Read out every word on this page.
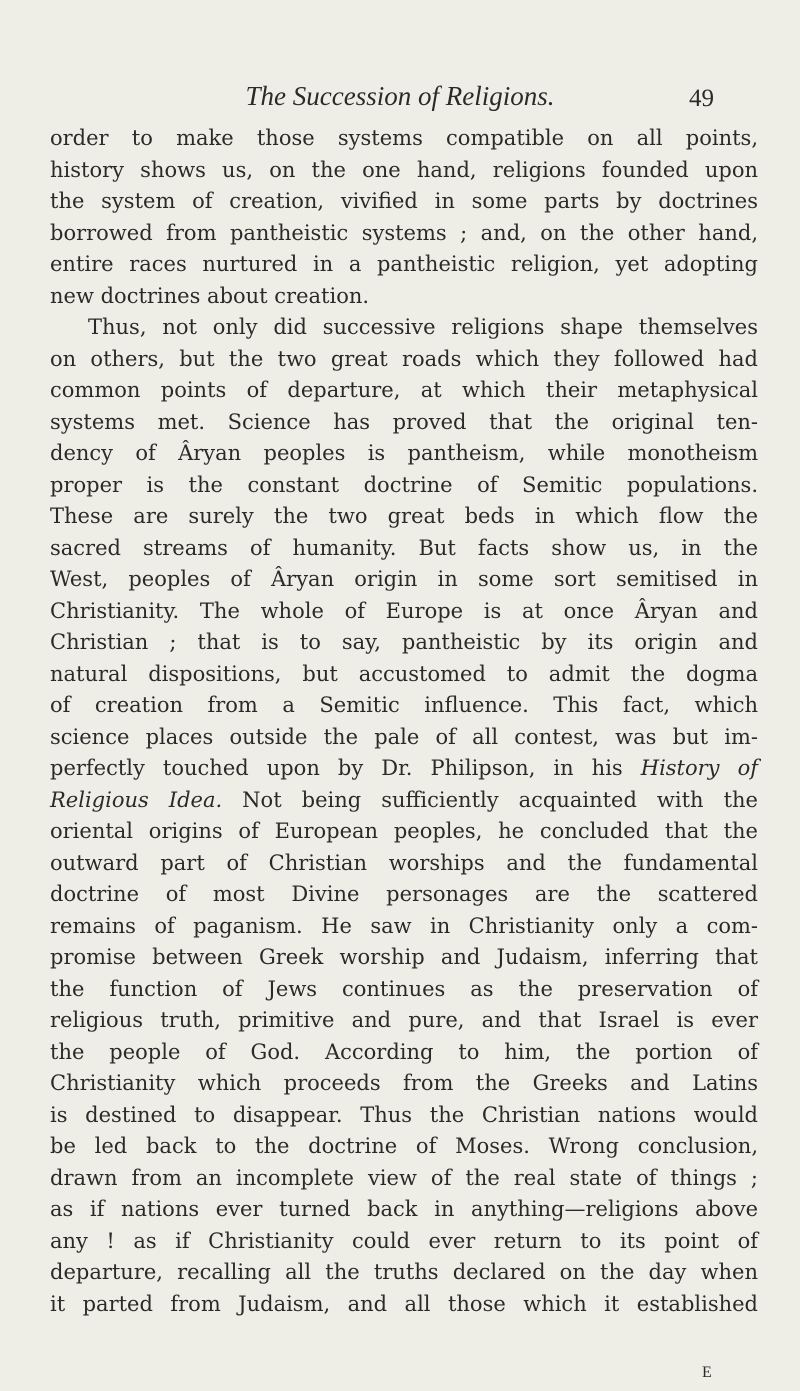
The Succession of Religions.	49
order to make those systems compatible on all points,
history shows us, on the one hand, religions founded upon
the system of creation, vivified in some parts by doctrines
borrowed from pantheistic systems ; and, on the other hand,
entire races nurtured in a pantheistic religion, yet adopting
new doctrines about creation.
Thus, not only did successive religions shape themselves
on others, but the two great roads which they followed had
common points of departure, at which their metaphysical
systems met. Science has proved that the original ten-
dency of Âryan peoples is pantheism, while monotheism
proper is the constant doctrine of Semitic populations.
These are surely the two great beds in which flow the
sacred streams of humanity. But facts show us, in the
West, peoples of Âryan origin in some sort semitised in
Christianity. The whole of Europe is at once Âryan and
Christian ; that is to say, pantheistic by its origin and
natural dispositions, but accustomed to admit the dogma
of creation from a Semitic influence. This fact, which
science places outside the pale of all contest, was but im-
perfectly touched upon by Dr. Philipson, in his History of
Religious Idea. Not being sufficiently acquainted with the
oriental origins of European peoples, he concluded that the
outward part of Christian worships and the fundamental
doctrine of most Divine personages are the scattered
remains of paganism. He saw in Christianity only a com-
promise between Greek worship and Judaism, inferring that
the function of Jews continues as the preservation of
religious truth, primitive and pure, and that Israel is ever
the people of God. According to him, the portion of
Christianity which proceeds from the Greeks and Latins
is destined to disappear. Thus the Christian nations would
be led back to the doctrine of Moses. Wrong conclusion,
drawn from an incomplete view of the real state of things ;
as if nations ever turned back in anything—religions above
any ! as if Christianity could ever return to its point of
departure, recalling all the truths declared on the day when
it parted from Judaism, and all those which it established
E
